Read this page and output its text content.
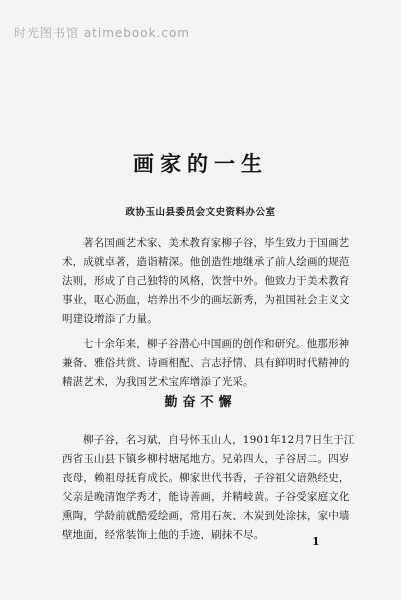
时光图书馆 atimebook.com
画家的一生
政协玉山县委员会文史资料办公室
著名国画艺术家、美术教育家柳子谷，毕生致力于国画艺
术，成就卓著，造诣精深。他创造性地继承了前人绘画的规范
法则，形成了自己独特的风格，饮誉中外。他致力于美术教育
事业，呕心沥血，培养出不少的画坛新秀，为祖国社会主义文
明建设增添了力量。
七十余年来，柳子谷潜心中国画的创作和研究。他那形神
兼备、雅俗共赏、诗画相配、言志抒情、具有鲜明时代精神的
精湛艺术，为我国艺术宝库增添了光采。
勤奋不懈
柳子谷，名习斌，自号怀玉山人，1901年12月7日生于江
西省玉山县下镇乡柳村塘尾地方。兄弟四人，子谷居二。四岁
丧母，赖祖母抚育成长。柳家世代书香，子谷祖父谙熟经史，
父亲是晚清饱学秀才，能诗善画，并精岐黄。子谷受家庭文化
熏陶，学龄前就酷爱绘画，常用石灰、木炭到处涂抹，家中墙
壁地面，经常装饰上他的手迹，刷抹不尽。	1
